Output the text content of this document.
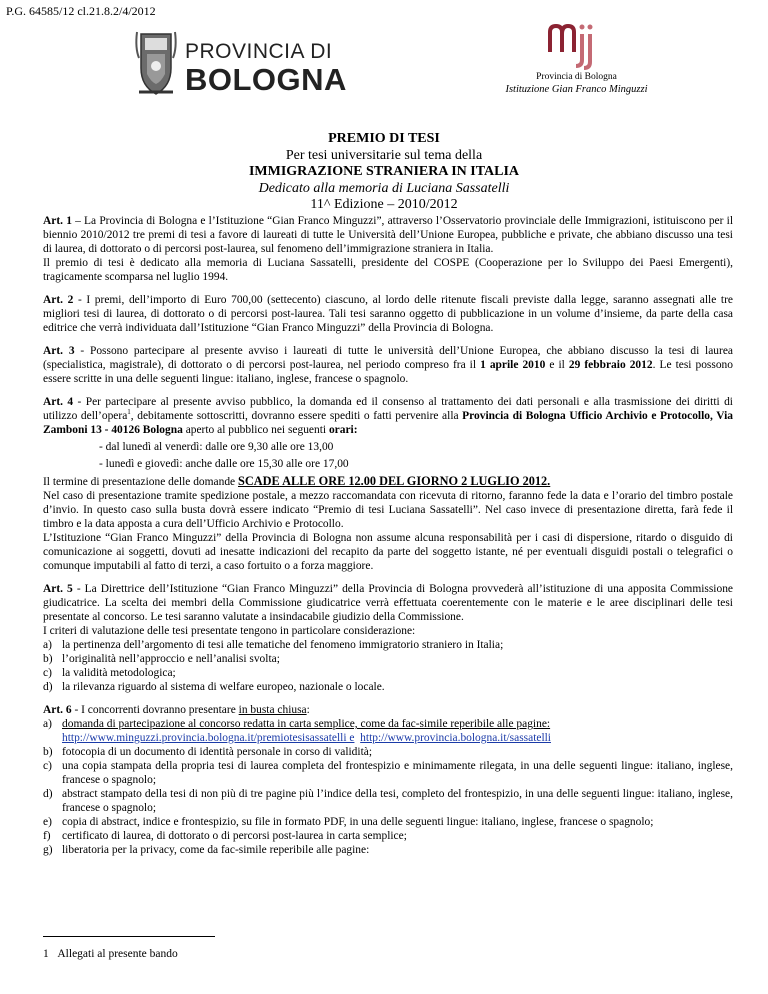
P.G. 64585/12 cl.21.8.2/4/2012
PROVINCIA DI
BOLOGNA	Provincia di Bologna
Istituzione Gian Franco Minguzzi
PREMIO DI TESI
Per tesi universitarie sul tema della
IMMIGRAZIONE STRANIERA IN ITALIA
Dedicato alla memoria di Luciana Sassatelli
11^ Edizione – 2010/2012

Art. 1 – La Provincia di Bologna e l’Istituzione “Gian Franco Minguzzi”, attraverso l’Osservatorio provinciale delle Immigrazioni, istituiscono per il biennio 2010/2012 tre premi di tesi a favore di laureati di tutte le Università dell’Unione Europea, pubbliche e private, che abbiano discusso una tesi di laurea, di dottorato o di percorsi post-laurea, sul fenomeno dell’immigrazione straniera in Italia.

Il premio di tesi è dedicato alla memoria di Luciana Sassatelli, presidente del COSPE (Cooperazione per lo Sviluppo dei Paesi Emergenti), tragicamente scomparsa nel luglio 1994.

Art. 2 - I premi, dell’importo di Euro 700,00 (settecento) ciascuno, al lordo delle ritenute fiscali previste dalla legge, saranno assegnati alle tre migliori tesi di laurea, di dottorato o di percorsi post-laurea. Tali tesi saranno oggetto di pubblicazione in un volume d’insieme, da parte della casa editrice che verrà individuata dall’Istituzione “Gian Franco Minguzzi” della Provincia di Bologna.

Art. 3 - Possono partecipare al presente avviso i laureati di tutte le università dell’Unione Europea, che abbiano discusso la tesi di laurea (specialistica, magistrale), di dottorato o di percorsi post-laurea, nel periodo compreso fra il 1 aprile 2010 e il 29 febbraio 2012. Le tesi possono essere scritte in una delle seguenti lingue: italiano, inglese, francese o spagnolo.

Art. 4 - Per partecipare al presente avviso pubblico, la domanda ed il consenso al trattamento dei dati personali e alla trasmissione dei diritti di utilizzo dell’opera$^1$, debitamente sottoscritti, dovranno essere spediti o fatti pervenire alla Provincia di Bologna Ufficio Archivio e Protocollo, Via Zamboni 13 - 40126 Bologna aperto al pubblico nei seguenti orari:

- dal lunedì al venerdì: dalle ore 9,30 alle ore 13,00
- lunedì e giovedì: anche dalle ore 15,30 alle ore 17,00

Il termine di presentazione delle domande SCADE ALLE ORE 12.00 DEL GIORNO 2 LUGLIO 2012.

Nel caso di presentazione tramite spedizione postale, a mezzo raccomandata con ricevuta di ritorno, faranno fede la data e l’orario del timbro postale d’invio. In questo caso sulla busta dovrà essere indicato “Premio di tesi Luciana Sassatelli”. Nel caso invece di presentazione diretta, farà fede il timbro e la data apposta a cura dell’Ufficio Archivio e Protocollo.

L’Istituzione “Gian Franco Minguzzi” della Provincia di Bologna non assume alcuna responsabilità per i casi di dispersione, ritardo o disguido di comunicazione ai soggetti, dovuti ad inesatte indicazioni del recapito da parte del soggetto istante, né per eventuali disguidi postali o telegrafici o comunque imputabili al fatto di terzi, a caso fortuito o a forza maggiore.

Art. 5 - La Direttrice dell’Istituzione “Gian Franco Minguzzi” della Provincia di Bologna provvederà all’istituzione di una apposita Commissione giudicatrice. La scelta dei membri della Commissione giudicatrice verrà effettuata coerentemente con le materie e le aree disciplinari delle tesi presentate al concorso. Le tesi saranno valutate a insindacabile giudizio della Commissione.

I criteri di valutazione delle tesi presentate tengono in particolare considerazione:

a) la pertinenza dell’argomento di tesi alle tematiche del fenomeno immigratorio straniero in Italia;
b) l’originalità nell’approccio e nell’analisi svolta;
c) la validità metodologica;
d) la rilevanza riguardo al sistema di welfare europeo, nazionale o locale.

Art. 6 - I concorrenti dovranno presentare in busta chiusa:

a) domanda di partecipazione al concorso redatta in carta semplice, come da fac-simile reperibile alle pagine:
http://www.minguzzi.provincia.bologna.it/premiotesisassatelli e http://www.provincia.bologna.it/sassatelli
b) fotocopia di un documento di identità personale in corso di validità;
c) una copia stampata della propria tesi di laurea completa del frontespizio e minimamente rilegata, in una delle seguenti lingue: italiano, inglese, francese o spagnolo;
d) abstract stampato della tesi di non più di tre pagine più l’indice della tesi, completo del frontespizio, in una delle seguenti lingue: italiano, inglese, francese o spagnolo;
e) copia di abstract, indice e frontespizio, su file in formato PDF, in una delle seguenti lingue: italiano, inglese, francese o spagnolo;
f) certificato di laurea, di dottorato o di percorsi post-laurea in carta semplice;
g) liberatoria per la privacy, come da fac-simile reperibile alle pagine:
1 Allegati al presente bando
